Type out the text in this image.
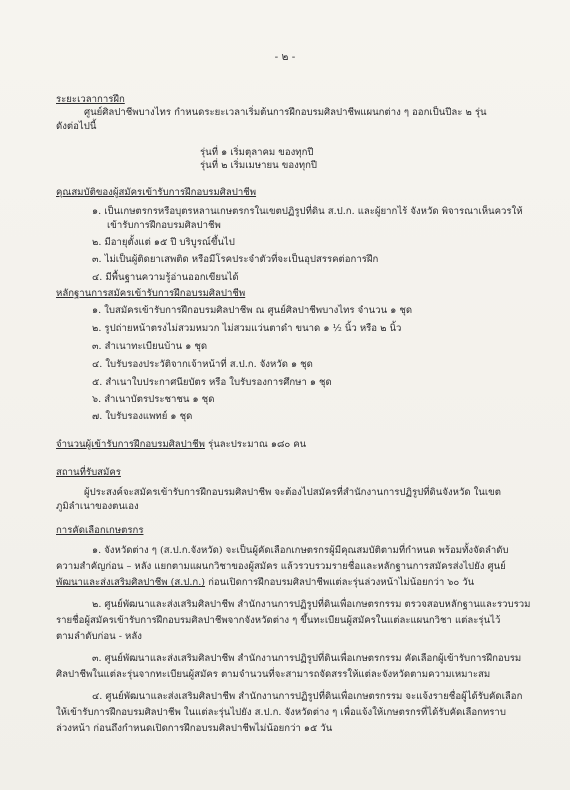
- ๒ -
ระยะเวลาการฝึก
ศูนย์ศิลปาชีพบางไทร กำหนดระยะเวลาเริ่มต้นการฝึกอบรมศิลปาชีพแผนกต่าง ๆ ออกเป็นปีละ ๒ รุ่น
ดังต่อไปนี้
รุ่นที่ ๑ เริ่มตุลาคม ของทุกปี
รุ่นที่ ๒ เริ่มเมษายน ของทุกปี
คุณสมบัติของผู้สมัครเข้ารับการฝึกอบรมศิลปาชีพ
๑. เป็นเกษตรกรหรือบุตรหลานเกษตรกรในเขตปฏิรูปที่ดิน ส.ป.ก. และผู้ยากไร้ จังหวัด พิจารณาเห็นควรให้
เข้ารับการฝึกอบรมศิลปาชีพ
๒. มีอายุตั้งแต่ ๑๕ ปี บริบูรณ์ขึ้นไป
๓. ไม่เป็นผู้ติดยาเสพติด หรือมีโรคประจำตัวที่จะเป็นอุปสรรคต่อการฝึก
๔. มีพื้นฐานความรู้อ่านออกเขียนได้
หลักฐานการสมัครเข้ารับการฝึกอบรมศิลปาชีพ
๑. ใบสมัครเข้ารับการฝึกอบรมศิลปาชีพ ณ ศูนย์ศิลปาชีพบางไทร จำนวน ๑ ชุด
๒. รูปถ่ายหน้าตรงไม่สวมหมวก ไม่สวมแว่นตาดำ ขนาด ๑ ½ นิ้ว หรือ ๒ นิ้ว
๓. สำเนาทะเบียนบ้าน ๑ ชุด
๔. ใบรับรองประวัติจากเจ้าหน้าที่ ส.ป.ก. จังหวัด ๑ ชุด
๕. สำเนาใบประกาศนียบัตร หรือ ใบรับรองการศึกษา ๑ ชุด
๖. สำเนาบัตรประชาชน ๑ ชุด
๗. ใบรับรองแพทย์ ๑ ชุด
จำนวนผู้เข้ารับการฝึกอบรมศิลปาชีพ รุ่นละประมาณ ๑๘๐ คน
สถานที่รับสมัคร
ผู้ประสงค์จะสมัครเข้ารับการฝึกอบรมศิลปาชีพ จะต้องไปสมัครที่สำนักงานการปฏิรูปที่ดินจังหวัด ในเขต
ภูมิลำเนาของตนเอง
การคัดเลือกเกษตรกร
๑. จังหวัดต่าง ๆ (ส.ป.ก.จังหวัด) จะเป็นผู้คัดเลือกเกษตรกรผู้มีคุณสมบัติตามที่กำหนด พร้อมทั้งจัดลำดับ
ความสำคัญก่อน – หลัง แยกตามแผนกวิชาของผู้สมัคร แล้วรวบรวมรายชื่อและหลักฐานการสมัครส่งไปยัง ศูนย์
พัฒนาและส่งเสริมศิลปาชีพ (ส.ป.ก.) ก่อนเปิดการฝึกอบรมศิลปาชีพแต่ละรุ่นล่วงหน้าไม่น้อยกว่า ๖๐ วัน
๒. ศูนย์พัฒนาและส่งเสริมศิลปาชีพ สำนักงานการปฏิรูปที่ดินเพื่อเกษตรกรรม ตรวจสอบหลักฐานและรวบรวม
รายชื่อผู้สมัครเข้ารับการฝึกอบรมศิลปาชีพจากจังหวัดต่าง ๆ ขึ้นทะเบียนผู้สมัครในแต่ละแผนกวิชา แต่ละรุ่นไว้
ตามลำดับก่อน - หลัง
๓. ศูนย์พัฒนาและส่งเสริมศิลปาชีพ สำนักงานการปฏิรูปที่ดินเพื่อเกษตรกรรม คัดเลือกผู้เข้ารับการฝึกอบรม
ศิลปาชีพในแต่ละรุ่นจากทะเบียนผู้สมัคร ตามจำนวนที่จะสามารถจัดสรรให้แต่ละจังหวัดตามความเหมาะสม
๔. ศูนย์พัฒนาและส่งเสริมศิลปาชีพ สำนักงานการปฏิรูปที่ดินเพื่อเกษตรกรรม จะแจ้งรายชื่อผู้ได้รับคัดเลือก
ให้เข้ารับการฝึกอบรมศิลปาชีพ ในแต่ละรุ่นไปยัง ส.ป.ก. จังหวัดต่าง ๆ เพื่อแจ้งให้เกษตรกรที่ได้รับคัดเลือกทราบ
ล่วงหน้า ก่อนถึงกำหนดเปิดการฝึกอบรมศิลปาชีพไม่น้อยกว่า ๑๕ วัน
